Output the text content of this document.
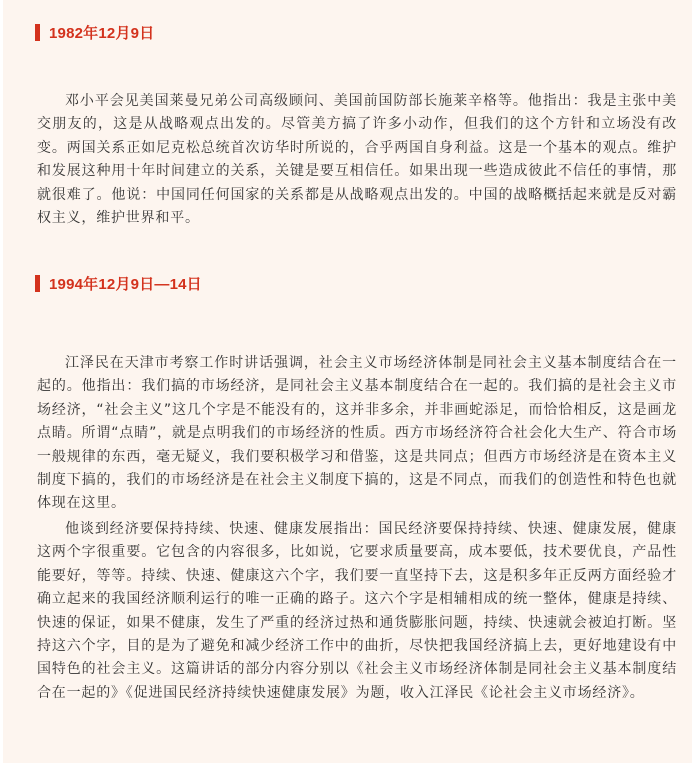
1982年12月9日

邓小平会见美国莱曼兄弟公司高级顾问、美国前国防部长施莱辛格等。他指出：我是主张中美交朋友的，这是从战略观点出发的。尽管美方搞了许多小动作，但我们的这个方针和立场没有改变。两国关系正如尼克松总统首次访华时所说的，合乎两国自身利益。这是一个基本的观点。维护和发展这种用十年时间建立的关系，关键是要互相信任。如果出现一些造成彼此不信任的事情，那就很难了。他说：中国同任何国家的关系都是从战略观点出发的。中国的战略概括起来就是反对霸权主义，维护世界和平。

1994年12月9日—14日

江泽民在天津市考察工作时讲话强调，社会主义市场经济体制是同社会主义基本制度结合在一起的。他指出：我们搞的市场经济，是同社会主义基本制度结合在一起的。我们搞的是社会主义市场经济，“社会主义”这几个字是不能没有的，这并非多余，并非画蛇添足，而恰恰相反，这是画龙点睛。所谓“点睛”，就是点明我们的市场经济的性质。西方市场经济符合社会化大生产、符合市场一般规律的东西，毫无疑义，我们要积极学习和借鉴，这是共同点；但西方市场经济是在资本主义制度下搞的，我们的市场经济是在社会主义制度下搞的，这是不同点，而我们的创造性和特色也就体现在这里。

他谈到经济要保持持续、快速、健康发展指出：国民经济要保持持续、快速、健康发展，健康这两个字很重要。它包含的内容很多，比如说，它要求质量要高，成本要低，技术要优良，产品性能要好，等等。持续、快速、健康这六个字，我们要一直坚持下去，这是积多年正反两方面经验才确立起来的我国经济顺利运行的唯一正确的路子。这六个字是相辅相成的统一整体，健康是持续、快速的保证，如果不健康，发生了严重的经济过热和通货膨胀问题，持续、快速就会被迫打断。坚持这六个字，目的是为了避免和减少经济工作中的曲折，尽快把我国经济搞上去，更好地建设有中国特色的社会主义。这篇讲话的部分内容分别以《社会主义市场经济体制是同社会主义基本制度结合在一起的》《促进国民经济持续快速健康发展》为题，收入江泽民《论社会主义市场经济》。
